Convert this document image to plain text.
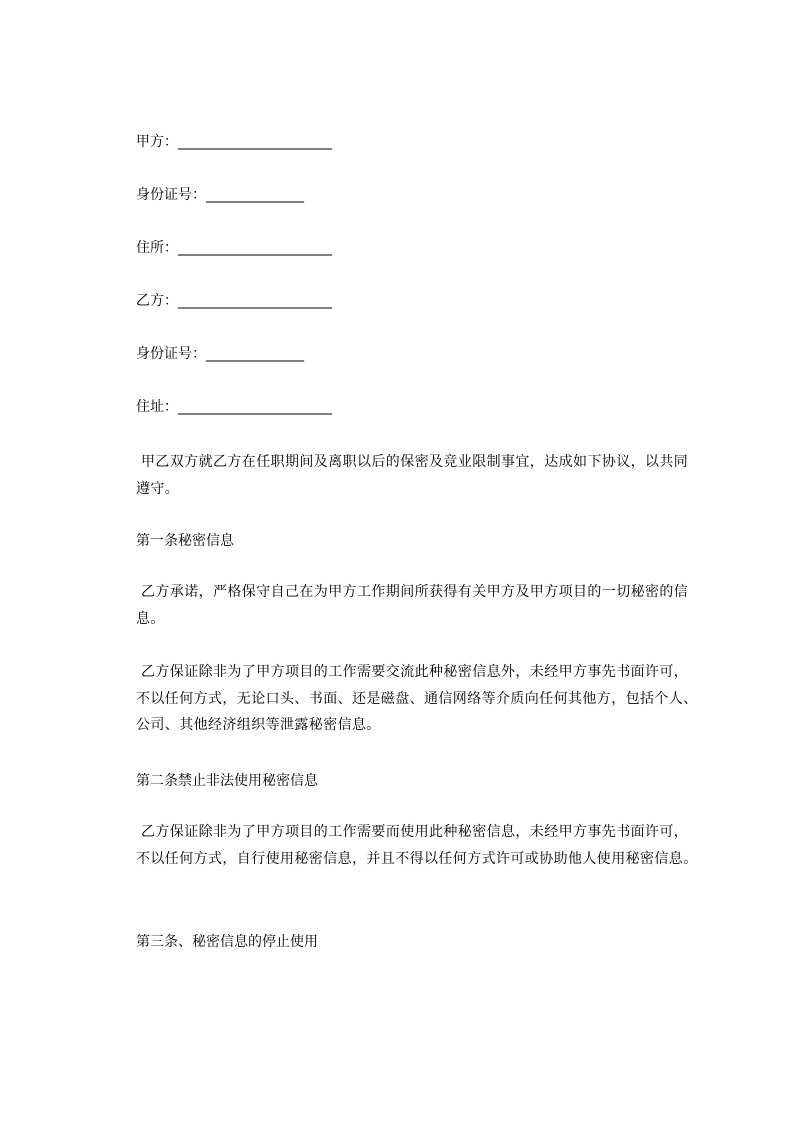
甲方：______________________
身份证号：______________
住所：______________________
乙方：______________________
身份证号：______________
住址：______________________
甲乙双方就乙方在任职期间及离职以后的保密及竞业限制事宜，达成如下协议，以共同遵守。
第一条秘密信息
乙方承诺，严格保守自己在为甲方工作期间所获得有关甲方及甲方项目的一切秘密的信息。
乙方保证除非为了甲方项目的工作需要交流此种秘密信息外，未经甲方事先书面许可，不以任何方式，无论口头、书面、还是磁盘、通信网络等介质向任何其他方，包括个人、公司、其他经济组织等泄露秘密信息。
第二条禁止非法使用秘密信息
乙方保证除非为了甲方项目的工作需要而使用此种秘密信息，未经甲方事先书面许可，不以任何方式，自行使用秘密信息，并且不得以任何方式许可或协助他人使用秘密信息。
第三条、秘密信息的停止使用
